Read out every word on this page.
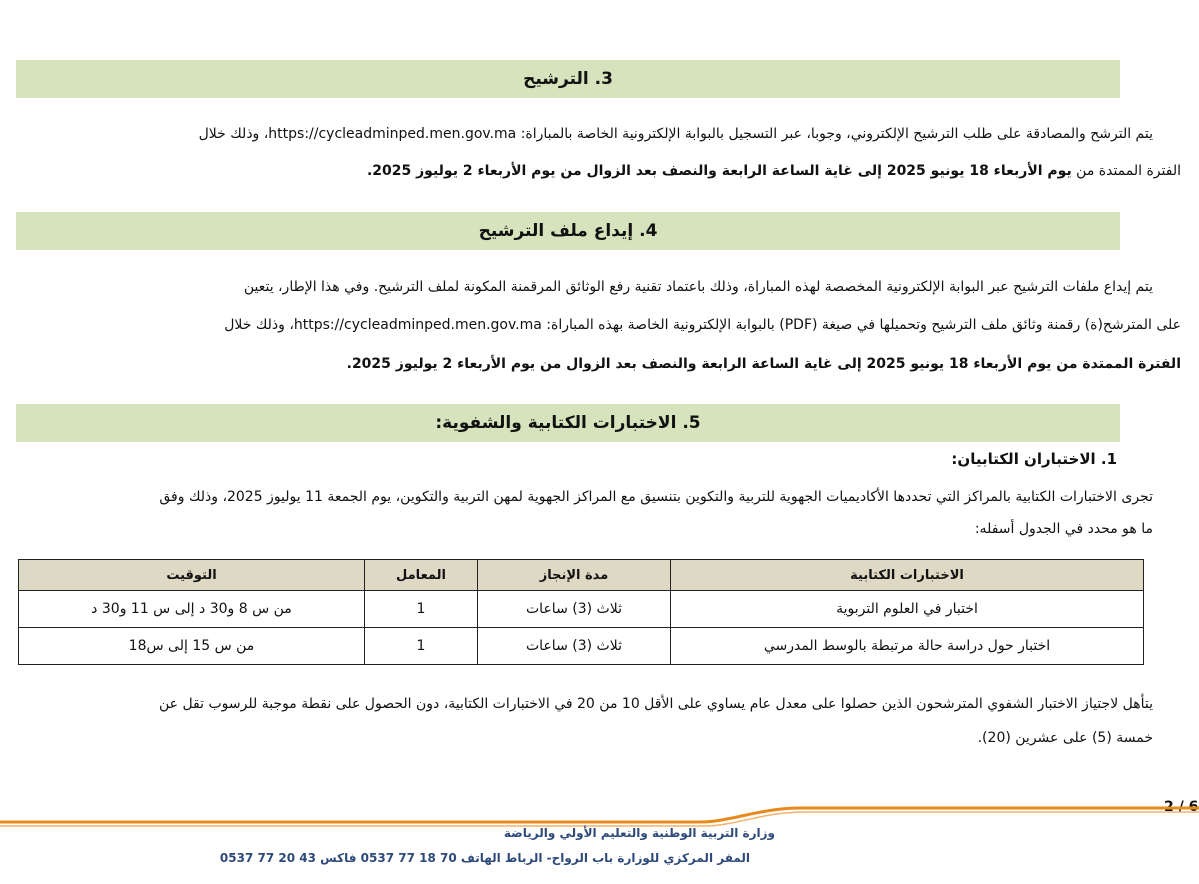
3. الترشيح
يتم الترشح والمصادقة على طلب الترشيح الإلكتروني، وجوبا، عبر التسجيل بالبوابة الإلكترونية الخاصة بالمباراة: https://cycleadminped.men.gov.ma، وذلك خلال
الفترة الممتدة من يوم الأربعاء 18 يونيو 2025 إلى غاية الساعة الرابعة والنصف بعد الزوال من يوم الأربعاء 2 يوليوز 2025.
4. إيداع ملف الترشيح
يتم إيداع ملفات الترشيح عبر البوابة الإلكترونية المخصصة لهذه المباراة، وذلك باعتماد تقنية رفع الوثائق المرقمنة المكونة لملف الترشيح. وفي هذا الإطار، يتعين
على المترشح(ة) رقمنة وثائق ملف الترشيح وتحميلها في صيغة (PDF) بالبوابة الإلكترونية الخاصة بهذه المباراة: https://cycleadminped.men.gov.ma، وذلك خلال
الفترة الممتدة من يوم الأربعاء 18 يونيو 2025 إلى غاية الساعة الرابعة والنصف بعد الزوال من يوم الأربعاء 2 يوليوز 2025.
5. الاختبارات الكتابية والشفوية:
1. الاختباران الكتابيان:
تجرى الاختبارات الكتابية بالمراكز التي تحددها الأكاديميات الجهوية للتربية والتكوين بتنسيق مع المراكز الجهوية لمهن التربية والتكوين، يوم الجمعة 11 يوليوز 2025، وذلك وفق
ما هو محدد في الجدول أسفله:
الاختبارات الكتابية	مدة الإنجاز	المعامل	التوقيت
اختبار في العلوم التربوية	ثلاث (3) ساعات	1	من س 8 و30 د إلى س 11 و30 د
اختبار حول دراسة حالة مرتبطة بالوسط المدرسي	ثلاث (3) ساعات	1	من س 15 إلى س18
يتأهل لاجتياز الاختبار الشفوي المترشحون الذين حصلوا على معدل عام يساوي على الأقل 10 من 20 في الاختبارات الكتابية، دون الحصول على نقطة موجبة للرسوب تقل عن
خمسة (5) على عشرين (20).
2 / 6
وزارة التربية الوطنية والتعليم الأولي والرياضة
المقر المركزي للوزارة باب الرواح- الرباط الهاتف 70 18 77 0537 فاكس 43 20 77 0537
